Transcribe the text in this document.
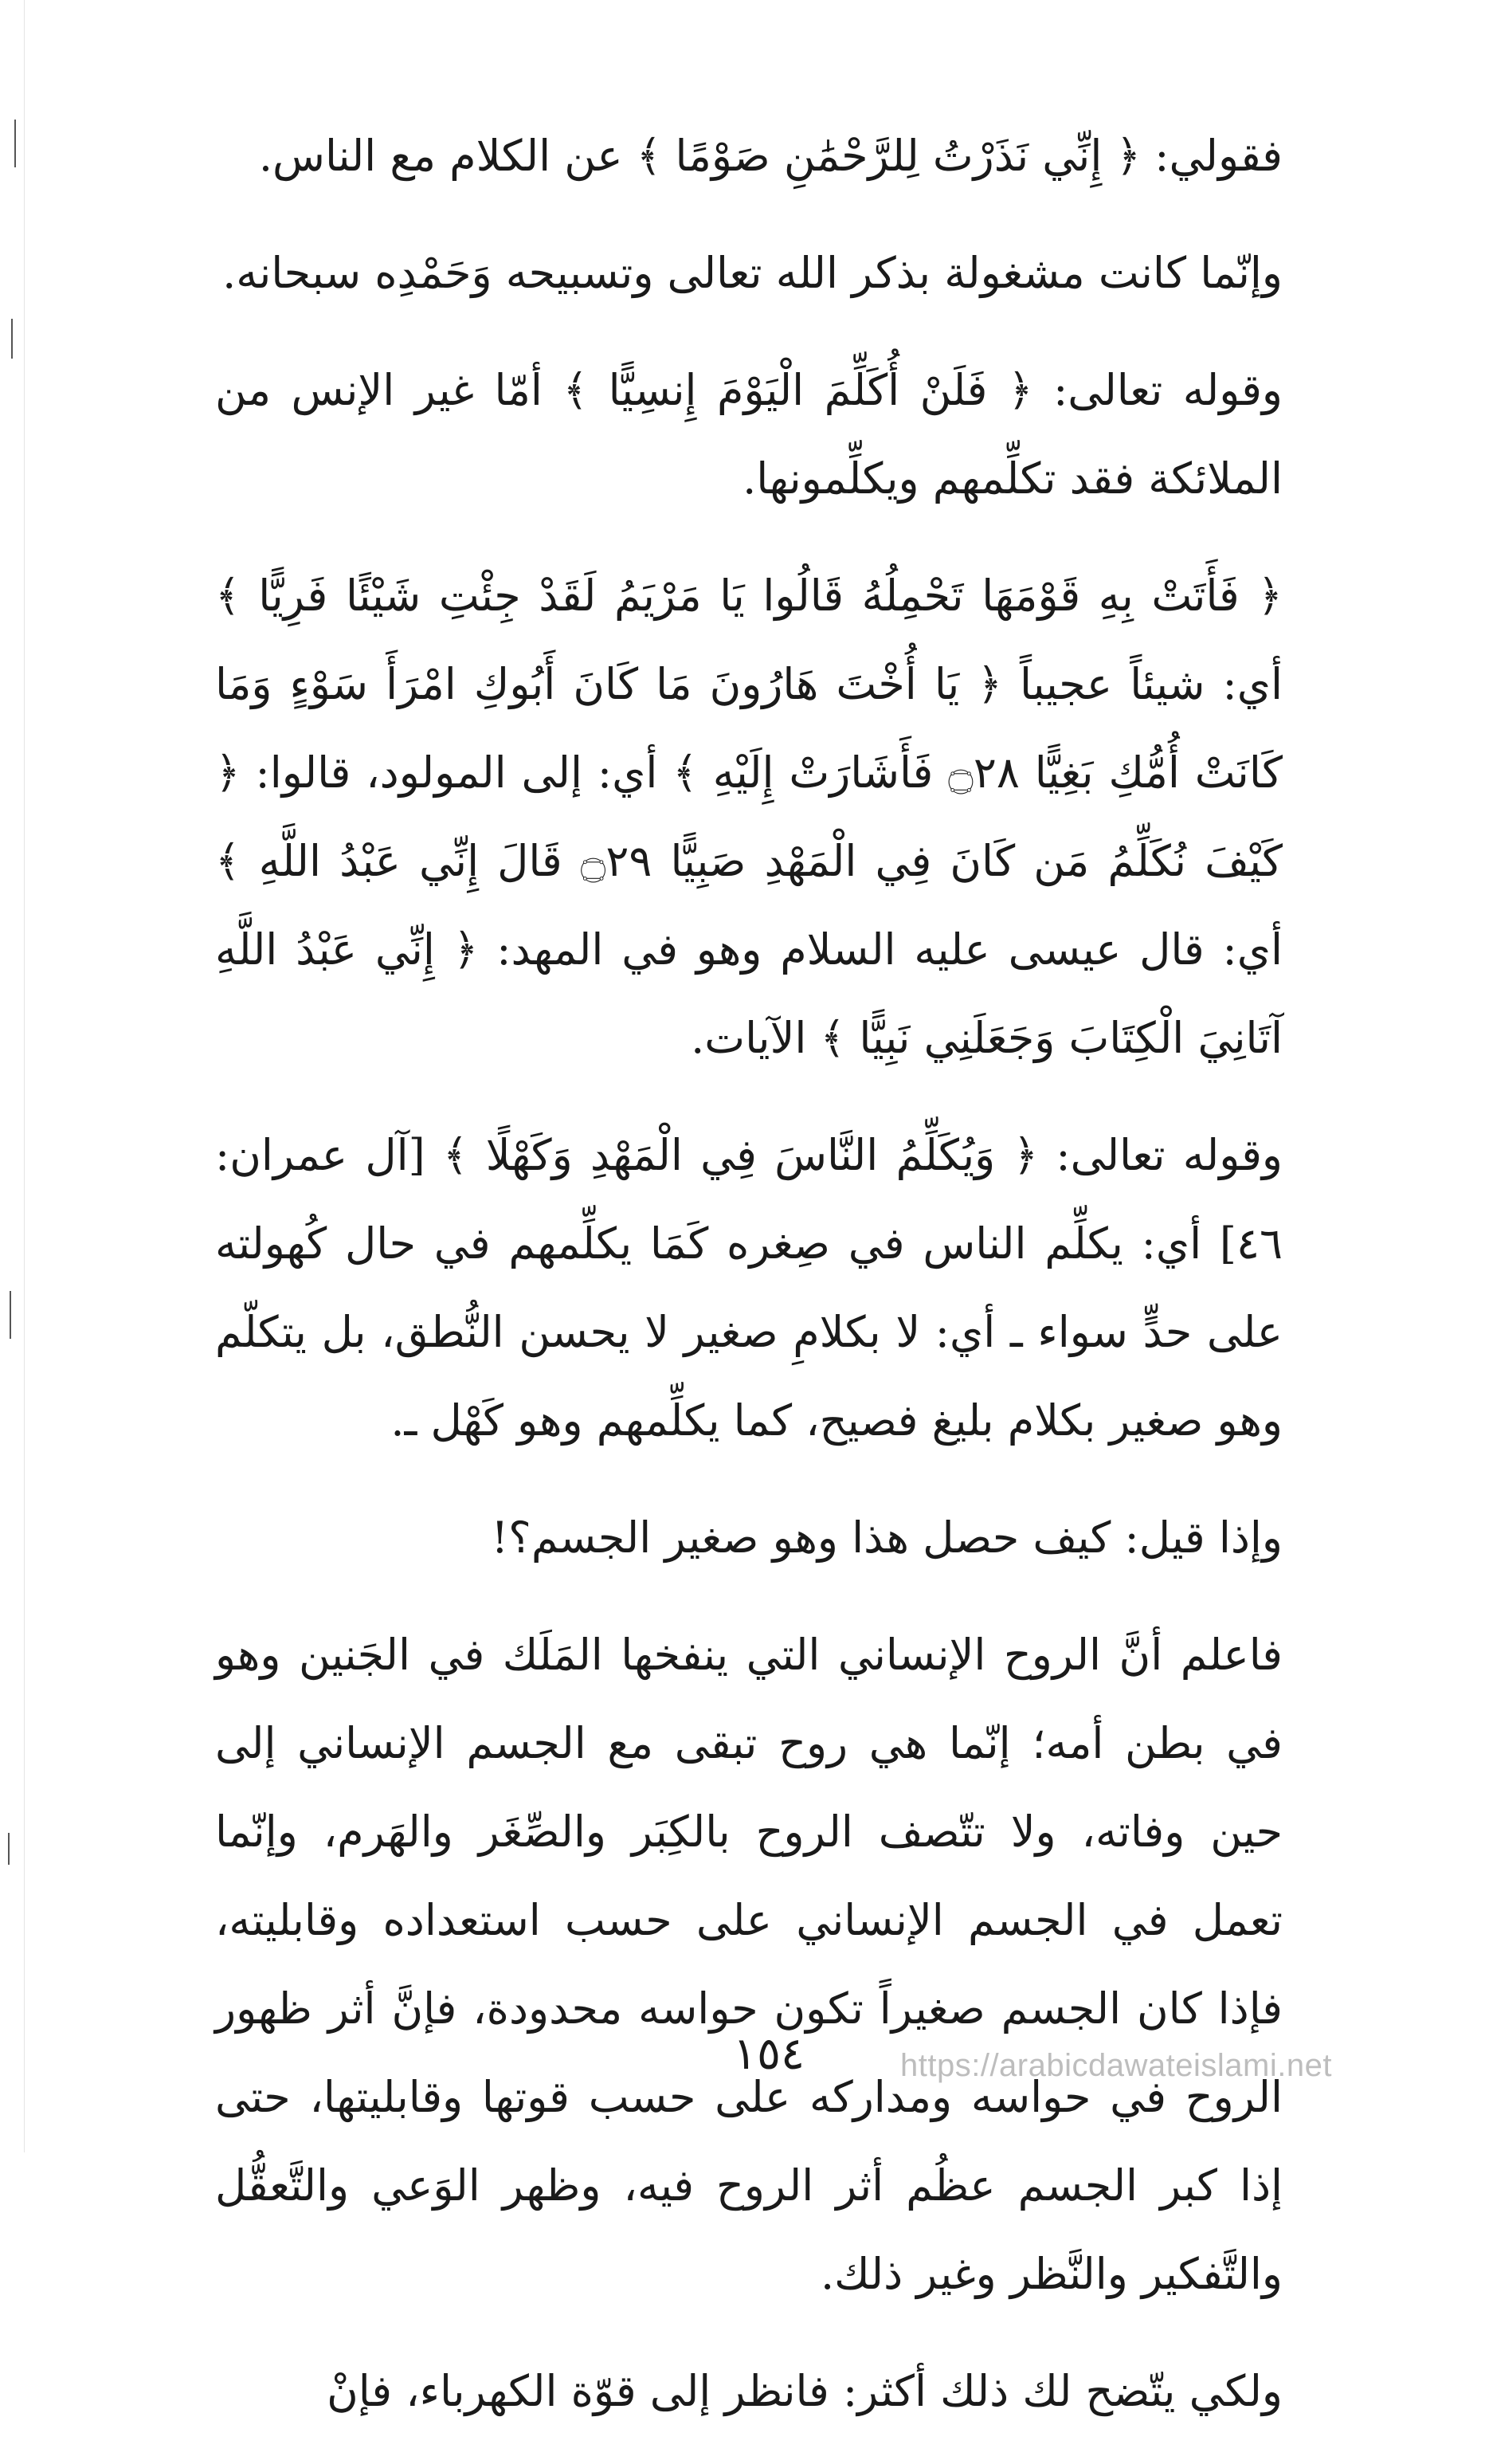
فقولي: ﴿ إِنِّي نَذَرْتُ لِلرَّحْمَٰنِ صَوْمًا ﴾ عن الكلام مع الناس.

وإنّما كانت مشغولة بذكر الله تعالى وتسبيحه وَحَمْدِه سبحانه.

وقوله تعالى: ﴿ فَلَنْ أُكَلِّمَ الْيَوْمَ إِنسِيًّا ﴾ أمّا غير الإنس من الملائكة فقد تكلِّمهم ويكلِّمونها.

﴿ فَأَتَتْ بِهِ قَوْمَهَا تَحْمِلُهُ قَالُوا يَا مَرْيَمُ لَقَدْ جِئْتِ شَيْئًا فَرِيًّا ﴾ أي: شيئاً عجيباً ﴿ يَا أُخْتَ هَارُونَ مَا كَانَ أَبُوكِ امْرَأَ سَوْءٍ وَمَا كَانَتْ أُمُّكِ بَغِيًّا ۝٢٨ فَأَشَارَتْ إِلَيْهِ ﴾ أي: إلى المولود، قالوا: ﴿ كَيْفَ نُكَلِّمُ مَن كَانَ فِي الْمَهْدِ صَبِيًّا ۝٢٩ قَالَ إِنِّي عَبْدُ اللَّهِ ﴾ أي: قال عيسى عليه السلام وهو في المهد: ﴿ إِنِّي عَبْدُ اللَّهِ آتَانِيَ الْكِتَابَ وَجَعَلَنِي نَبِيًّا ﴾ الآيات.

وقوله تعالى: ﴿ وَيُكَلِّمُ النَّاسَ فِي الْمَهْدِ وَكَهْلًا ﴾ [آل عمران: ٤٦] أي: يكلِّم الناس في صِغره كَمَا يكلِّمهم في حال كُهولته على حدٍّ سواء ـ أي: لا بكلامِ صغير لا يحسن النُّطق، بل يتكلّم وهو صغير بكلام بليغ فصيح، كما يكلِّمهم وهو كَهْل ـ.

وإذا قيل: كيف حصل هذا وهو صغير الجسم؟!

فاعلم أنَّ الروح الإنساني التي ينفخها المَلَك في الجَنين وهو في بطن أمه؛ إنّما هي روح تبقى مع الجسم الإنساني إلى حين وفاته، ولا تتّصف الروح بالكِبَر والصِّغَر والهَرم، وإنّما تعمل في الجسم الإنساني على حسب استعداده وقابليته، فإذا كان الجسم صغيراً تكون حواسه محدودة، فإنَّ أثر ظهور الروح في حواسه ومداركه على حسب قوتها وقابليتها، حتى إذا كبر الجسم عظُم أثر الروح فيه، وظهر الوَعي والتَّعقُّل والتَّفكير والنَّظر وغير ذلك.

ولكي يتّضح لك ذلك أكثر: فانظر إلى قوّة الكهرباء، فإنْ

١٥٤	https://arabicdawateislami.net
